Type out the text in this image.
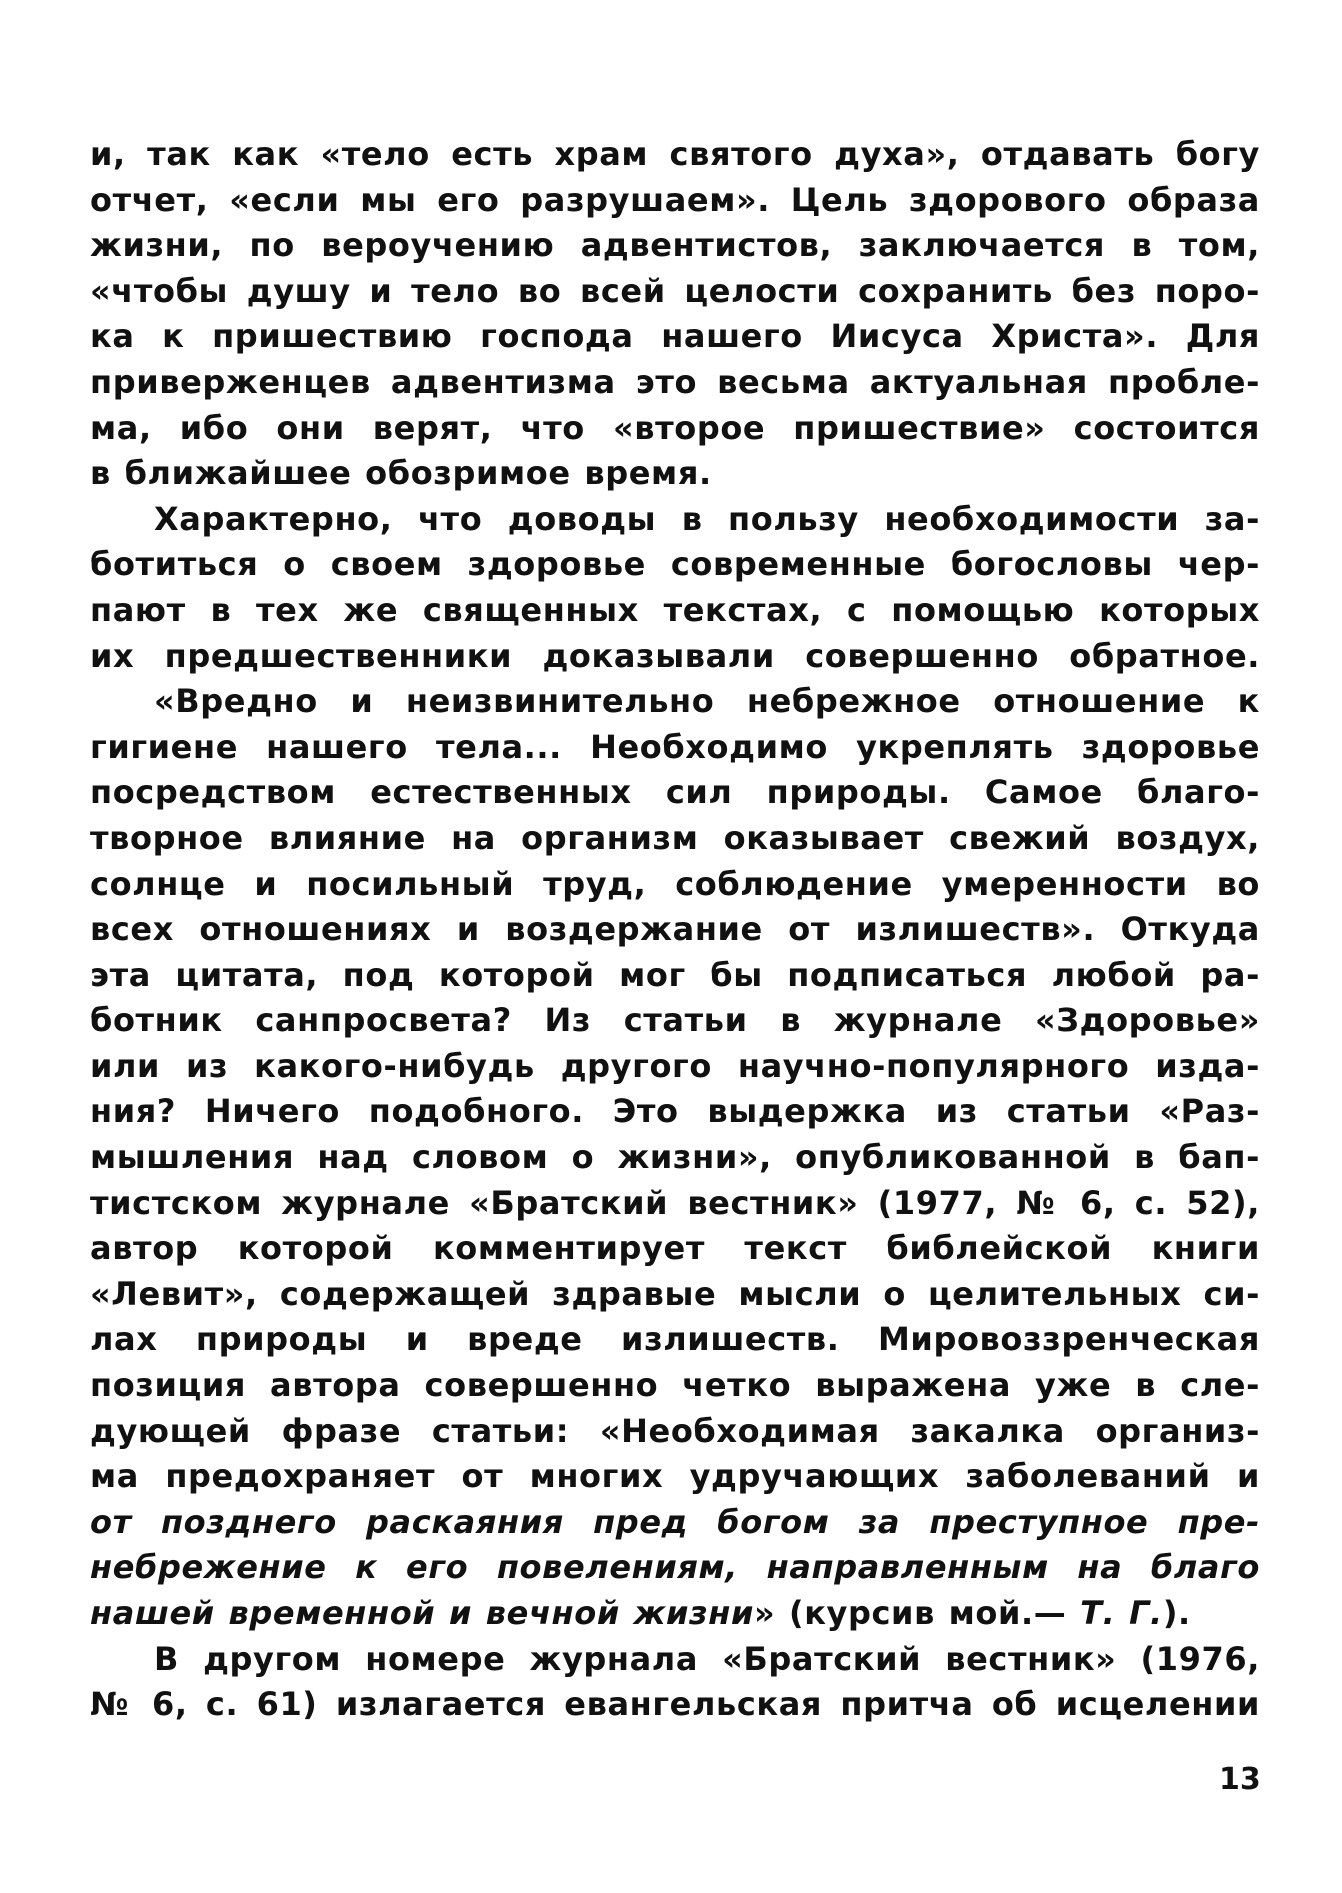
и, так как «тело есть храм святого духа», отдавать богу
отчет, «если мы его разрушаем». Цель здорового образа
жизни, по вероучению адвентистов, заключается в том,
«чтобы душу и тело во всей целости сохранить без поро-
ка к пришествию господа нашего Иисуса Христа». Для
приверженцев адвентизма это весьма актуальная пробле-
ма, ибо они верят, что «второе пришествие» состоится
в ближайшее обозримое время.
Характерно, что доводы в пользу необходимости за-
ботиться о своем здоровье современные богословы чер-
пают в тех же священных текстах, с помощью которых
их предшественники доказывали совершенно обратное.
«Вредно и неизвинительно небрежное отношение к
гигиене нашего тела... Необходимо укреплять здоровье
посредством естественных сил природы. Самое благо-
творное влияние на организм оказывает свежий воздух,
солнце и посильный труд, соблюдение умеренности во
всех отношениях и воздержание от излишеств». Откуда
эта цитата, под которой мог бы подписаться любой ра-
ботник санпросвета? Из статьи в журнале «Здоровье»
или из какого-нибудь другого научно-популярного изда-
ния? Ничего подобного. Это выдержка из статьи «Раз-
мышления над словом о жизни», опубликованной в бап-
тистском журнале «Братский вестник» (1977, № 6, с. 52),
автор которой комментирует текст библейской книги
«Левит», содержащей здравые мысли о целительных си-
лах природы и вреде излишеств. Мировоззренческая
позиция автора совершенно четко выражена уже в сле-
дующей фразе статьи: «Необходимая закалка организ-
ма предохраняет от многих удручающих заболеваний и
от позднего раскаяния пред богом за преступное пре-
небрежение к его повелениям, направленным на благо
нашей временной и вечной жизни» (курсив мой.— Т. Г.).
В другом номере журнала «Братский вестник» (1976,
№ 6, с. 61) излагается евангельская притча об исцелении
13
